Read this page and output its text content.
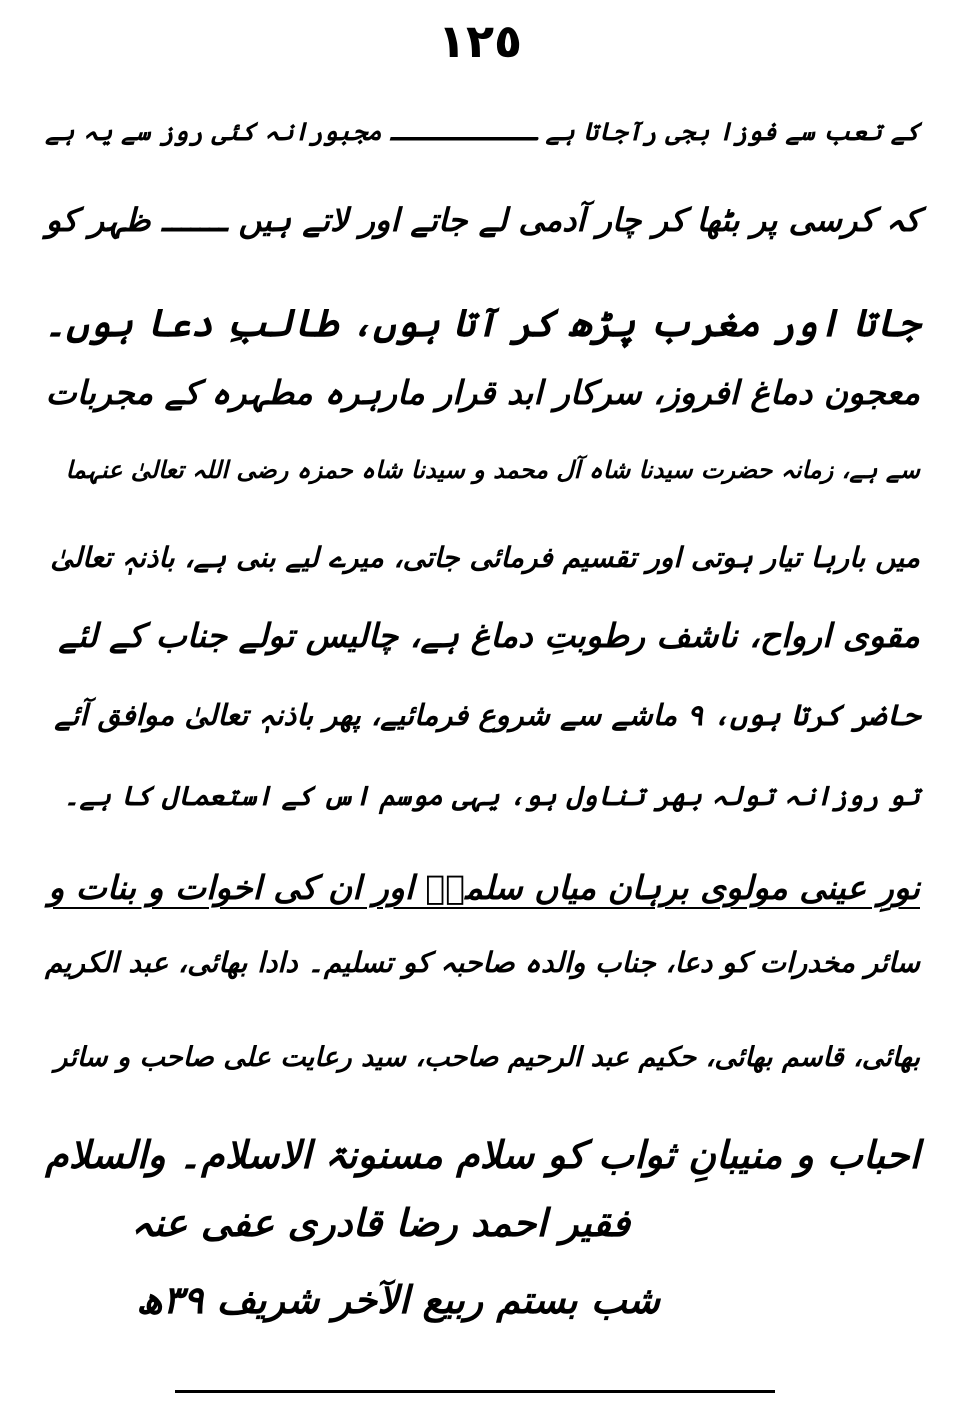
١٢٥
کے تعب سے فوزا بجی رآجاتا ہے ــــــــــ مجبورانہ کئی روز سے یہ ہے
کہ کرسی پر بٹھا کر چار آدمی لے جاتے اور لاتے ہیں ـــــــ ظہر کو
جاتا اور مغرب پڑھ کر آتا ہوں، طالبِ دعا ہوں۔
معجون دماغ افروز، سرکار ابد قرار مارہرہ مطہرہ کے مجربات
سے ہے، زمانہ حضرت سیدنا شاہ آل محمد و سیدنا شاہ حمزہ رضی اللہ تعالیٰ عنہما
میں بارہا تیار ہوتی اور تقسیم فرمائی جاتی، میرے لیے بنی ہے، باذنہٖ تعالیٰ
مقوی ارواح، ناشف رطوبتِ دماغ ہے، چالیس تولے جناب کے لئے
حاضر کرتا ہوں، ۹ ماشے سے شروع فرمائیے، پھر باذنہٖ تعالیٰ موافق آئے
تو روزانہ تولہ بھر تناول ہو، یہی موسم اس کے استعمال کا ہے۔
نورِ عینی مولوی برہان میاں سلمہٗ اور ان کی اخوات و بنات و
سائر مخدرات کو دعا، جناب والدہ صاحبہ کو تسلیم۔ دادا بھائی، عبد الکریم
بھائی، قاسم بھائی، حکیم عبد الرحیم صاحب، سید رعایت علی صاحب و سائر
احباب و منیبانِ ثواب کو سلام مسنونۃ الاسلام۔ والسلام
فقیر احمد رضا قادری عفی عنہ
شب بستم ربیع الآخر شریف ۳۹ھ
